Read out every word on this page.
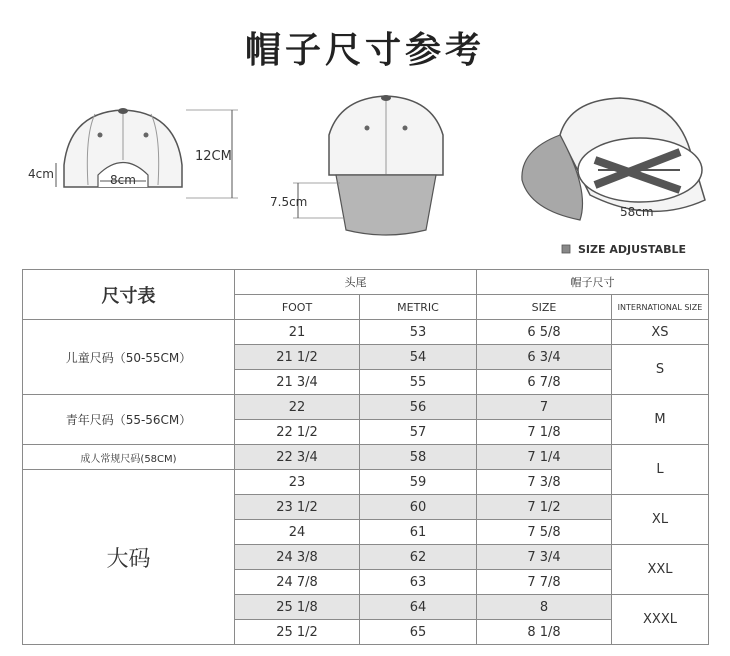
帽子尺寸参考
12CM
4cm	8cm
7.5cm
58cm
SIZE ADJUSTABLE
尺寸表	头尾		帽子尺寸	
	FOOT	METRIC	SIZE	INTERNATIONAL SIZE
儿童尺码（50-55CM）	21	53	6 5/8	XS
	21 1/2	54	6 3/4	S
	21 3/4	55	6 7/8	
青年尺码（55-56CM）	22	56	7	M
	22 1/2	57	7 1/8	
成人常规尺码(58CM)	22 3/4	58	7 1/4	L
大码	23	59	7 3/8	
	23 1/2	60	7 1/2	XL
	24	61	7 5/8	
	24 3/8	62	7 3/4	XXL
	24 7/8	63	7 7/8	
	25 1/8	64	8	XXXL
	25 1/2	65	8 1/8	
